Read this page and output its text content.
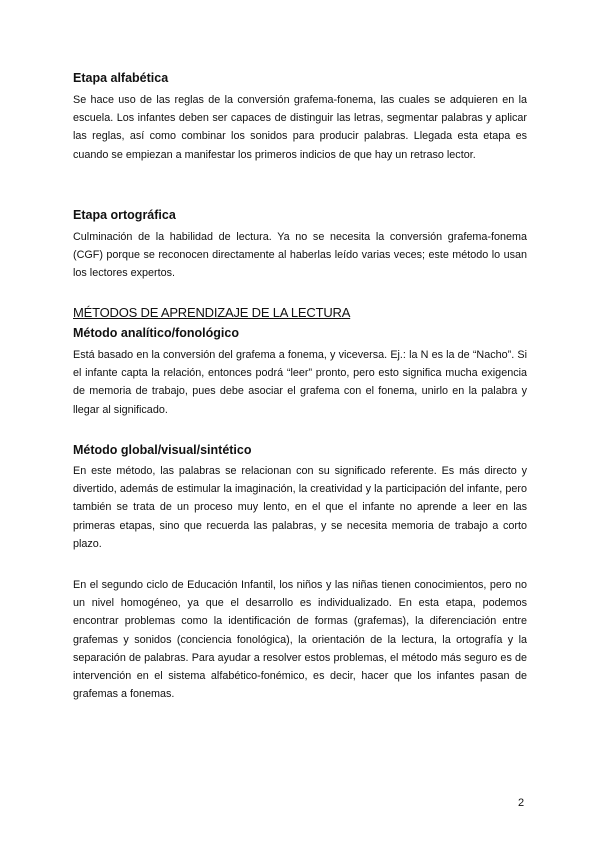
Etapa alfabética
Se hace uso de las reglas de la conversión grafema-fonema, las cuales se adquieren en la escuela. Los infantes deben ser capaces de distinguir las letras, segmentar palabras y aplicar las reglas, así como combinar los sonidos para producir palabras. Llegada esta etapa es cuando se empiezan a manifestar los primeros indicios de que hay un retraso lector.
Etapa ortográfica
Culminación de la habilidad de lectura. Ya no se necesita la conversión grafema-fonema (CGF) porque se reconocen directamente al haberlas leído varias veces; este método lo usan los lectores expertos.
MÉTODOS DE APRENDIZAJE DE LA LECTURA
Método analítico/fonológico
Está basado en la conversión del grafema a fonema, y viceversa. Ej.: la N es la de “Nacho”. Si el infante capta la relación, entonces podrá “leer” pronto, pero esto significa mucha exigencia de memoria de trabajo, pues debe asociar el grafema con el fonema, unirlo en la palabra y llegar al significado.
Método global/visual/sintético
En este método, las palabras se relacionan con su significado referente. Es más directo y divertido, además de estimular la imaginación, la creatividad y la participación del infante, pero también se trata de un proceso muy lento, en el que el infante no aprende a leer en las primeras etapas, sino que recuerda las palabras, y se necesita memoria de trabajo a corto plazo.
En el segundo ciclo de Educación Infantil, los niños y las niñas tienen conocimientos, pero no un nivel homogéneo, ya que el desarrollo es individualizado. En esta etapa, podemos encontrar problemas como la identificación de formas (grafemas), la diferenciación entre grafemas y sonidos (conciencia fonológica), la orientación de la lectura, la ortografía y la separación de palabras. Para ayudar a resolver estos problemas, el método más seguro es de intervención en el sistema alfabético-fonémico, es decir, hacer que los infantes pasan de grafemas a fonemas.
2
